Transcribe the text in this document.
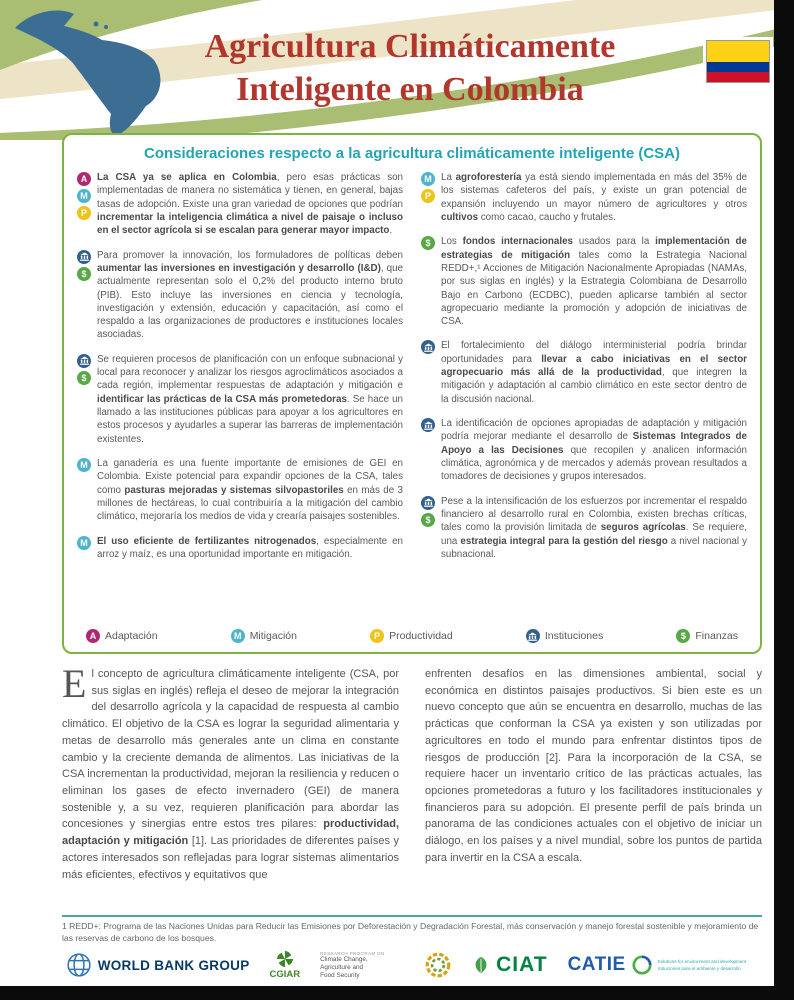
Agricultura Climáticamente
Inteligente en Colombia
Consideraciones respecto a la agricultura climáticamente inteligente (CSA)
A
M
P
La CSA ya se aplica en Colombia, pero esas prácticas son implementadas de manera no sistemática y tienen, en general, bajas tasas de adopción. Existe una gran variedad de opciones que podrían incrementar la inteligencia climática a nivel de paisaje o incluso en el sector agrícola si se escalan para generar mayor impacto.
$
Para promover la innovación, los formuladores de políticas deben aumentar las inversiones en investigación y desarrollo (I&D), que actualmente representan solo el 0,2% del producto interno bruto (PIB). Esto incluye las inversiones en ciencia y tecnología, investigación y extensión, educación y capacitación, así como el respaldo a las organizaciones de productores e instituciones locales asociadas.
$
Se requieren procesos de planificación con un enfoque subnacional y local para reconocer y analizar los riesgos agroclimáticos asociados a cada región, implementar respuestas de adaptación y mitigación e identificar las prácticas de la CSA más prometedoras. Se hace un llamado a las instituciones públicas para apoyar a los agricultores en estos procesos y ayudarles a superar las barreras de implementación existentes.
M La ganadería es una fuente importante de emisiones de GEI en Colombia. Existe potencial para expandir opciones de la CSA, tales como pasturas mejoradas y sistemas silvopastoriles en más de 3 millones de hectáreas, lo cual contribuiría a la mitigación del cambio climático, mejoraría los medios de vida y crearía paisajes sostenibles.
M El uso eficiente de fertilizantes nitrogenados, especialmente en arroz y maíz, es una oportunidad importante en mitigación.
M
P
La agroforestería ya está siendo implementada en más del 35% de los sistemas cafeteros del país, y existe un gran potencial de expansión incluyendo un mayor número de agricultores y otros cultivos como cacao, caucho y frutales.
$	Los fondos internacionales usados para la implementación de estrategias de mitigación tales como la Estrategia Nacional REDD+,¹ Acciones de Mitigación Nacionalmente Apropiadas (NAMAs, por sus siglas en inglés) y la Estrategia Colombiana de Desarrollo Bajo en Carbono (ECDBC), pueden aplicarse también al sector agropecuario mediante la promoción y adopción de iniciativas de CSA.
El fortalecimiento del diálogo interministerial podría brindar oportunidades para llevar a cabo iniciativas en el sector agropecuario más allá de la productividad, que integren la mitigación y adaptación al cambio climático en este sector dentro de la discusión nacional.
La identificación de opciones apropiadas de adaptación y mitigación podría mejorar mediante el desarrollo de Sistemas Integrados de Apoyo a las Decisiones que recopilen y analicen información climática, agronómica y de mercados y además provean resultados a tomadores de decisiones y grupos interesados.
$
Pese a la intensificación de los esfuerzos por incrementar el respaldo financiero al desarrollo rural en Colombia, existen brechas críticas, tales como la provisión limitada de seguros agrícolas. Se requiere, una estrategia integral para la gestión del riesgo a nivel nacional y subnacional.
A Adaptación	M Mitigación	P Productividad	Instituciones	$ Finanzas
El concepto de agricultura climáticamente inteligente (CSA, por sus siglas en inglés) refleja el deseo de mejorar la integración del desarrollo agrícola y la capacidad de respuesta al cambio climático. El objetivo de la CSA es lograr la seguridad alimentaria y metas de desarrollo más generales ante un clima en constante cambio y la creciente demanda de alimentos. Las iniciativas de la CSA incrementan la productividad, mejoran la resiliencia y reducen o eliminan los gases de efecto invernadero (GEI) de manera sostenible y, a su vez, requieren planificación para abordar las concesiones y sinergias entre estos tres pilares: productividad, adaptación y mitigación [1]. Las prioridades de diferentes países y actores interesados son reflejadas para lograr sistemas alimentarios más eficientes, efectivos y equitativos que
enfrenten desafíos en las dimensiones ambiental, social y económica en distintos paisajes productivos. Si bien este es un nuevo concepto que aún se encuentra en desarrollo, muchas de las prácticas que conforman la CSA ya existen y son utilizadas por agricultores en todo el mundo para enfrentar distintos tipos de riesgos de producción [2]. Para la incorporación de la CSA, se requiere hacer un inventario crítico de las prácticas actuales, las opciones prometedoras a futuro y los facilitadores institucionales y financieros para su adopción. El presente perfil de país brinda un panorama de las condiciones actuales con el objetivo de iniciar un diálogo, en los países y a nivel mundial, sobre los puntos de partida para invertir en la CSA a escala.
1 REDD+: Programa de las Naciones Unidas para Reducir las Emisiones por Deforestación y Degradación Forestal, más conservación y manejo forestal sostenible y mejoramiento de las reservas de carbono de los bosques.
WORLD BANK GROUP
CGIAR
RESEARCH PROGRAM ON
Climate Change,
Agriculture and
Food Security	CIAT CATIE	Solutions for environment and development
Soluciones para el ambiente y desarrollo
